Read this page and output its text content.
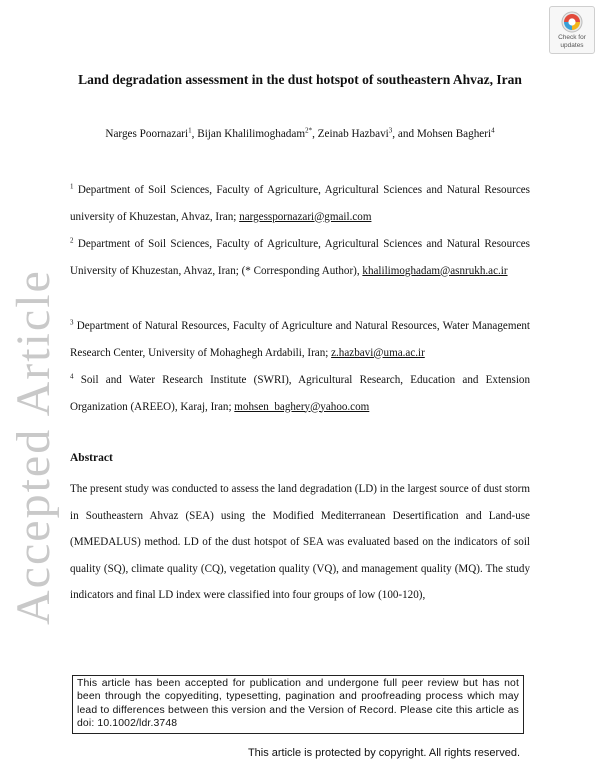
Accepted Article
Check for
updates
Land degradation assessment in the dust hotspot of southeastern Ahvaz, Iran
Narges Poornazari$^1$, Bijan Khalilimoghadam$^{2*}$, Zeinab Hazbavi$^3$, and Mohsen Bagheri$^4$
$^1$ Department of Soil Sciences, Faculty of Agriculture, Agricultural Sciences and Natural Resources university of Khuzestan, Ahvaz, Iran; nargesspornazari@gmail.com
$^2$ Department of Soil Sciences, Faculty of Agriculture, Agricultural Sciences and Natural Resources University of Khuzestan, Ahvaz, Iran; (* Corresponding Author), khalilimoghadam@asnrukh.ac.ir
$^3$ Department of Natural Resources, Faculty of Agriculture and Natural Resources, Water Management Research Center, University of Mohaghegh Ardabili, Iran; z.hazbavi@uma.ac.ir
$^4$ Soil and Water Research Institute (SWRI), Agricultural Research, Education and Extension Organization (AREEO), Karaj, Iran; mohsen_baghery@yahoo.com
Abstract
The present study was conducted to assess the land degradation (LD) in the largest source of dust storm in Southeastern Ahvaz (SEA) using the Modified Mediterranean Desertification and Land-use (MMEDALUS) method. LD of the dust hotspot of SEA was evaluated based on the indicators of soil quality (SQ), climate quality (CQ), vegetation quality (VQ), and management quality (MQ). The study indicators and final LD index were classified into four groups of low (100-120),
This article has been accepted for publication and undergone full peer review but has not been through the copyediting, typesetting, pagination and proofreading process which may lead to differences between this version and the Version of Record. Please cite this article as doi: 10.1002/ldr.3748
This article is protected by copyright. All rights reserved.
